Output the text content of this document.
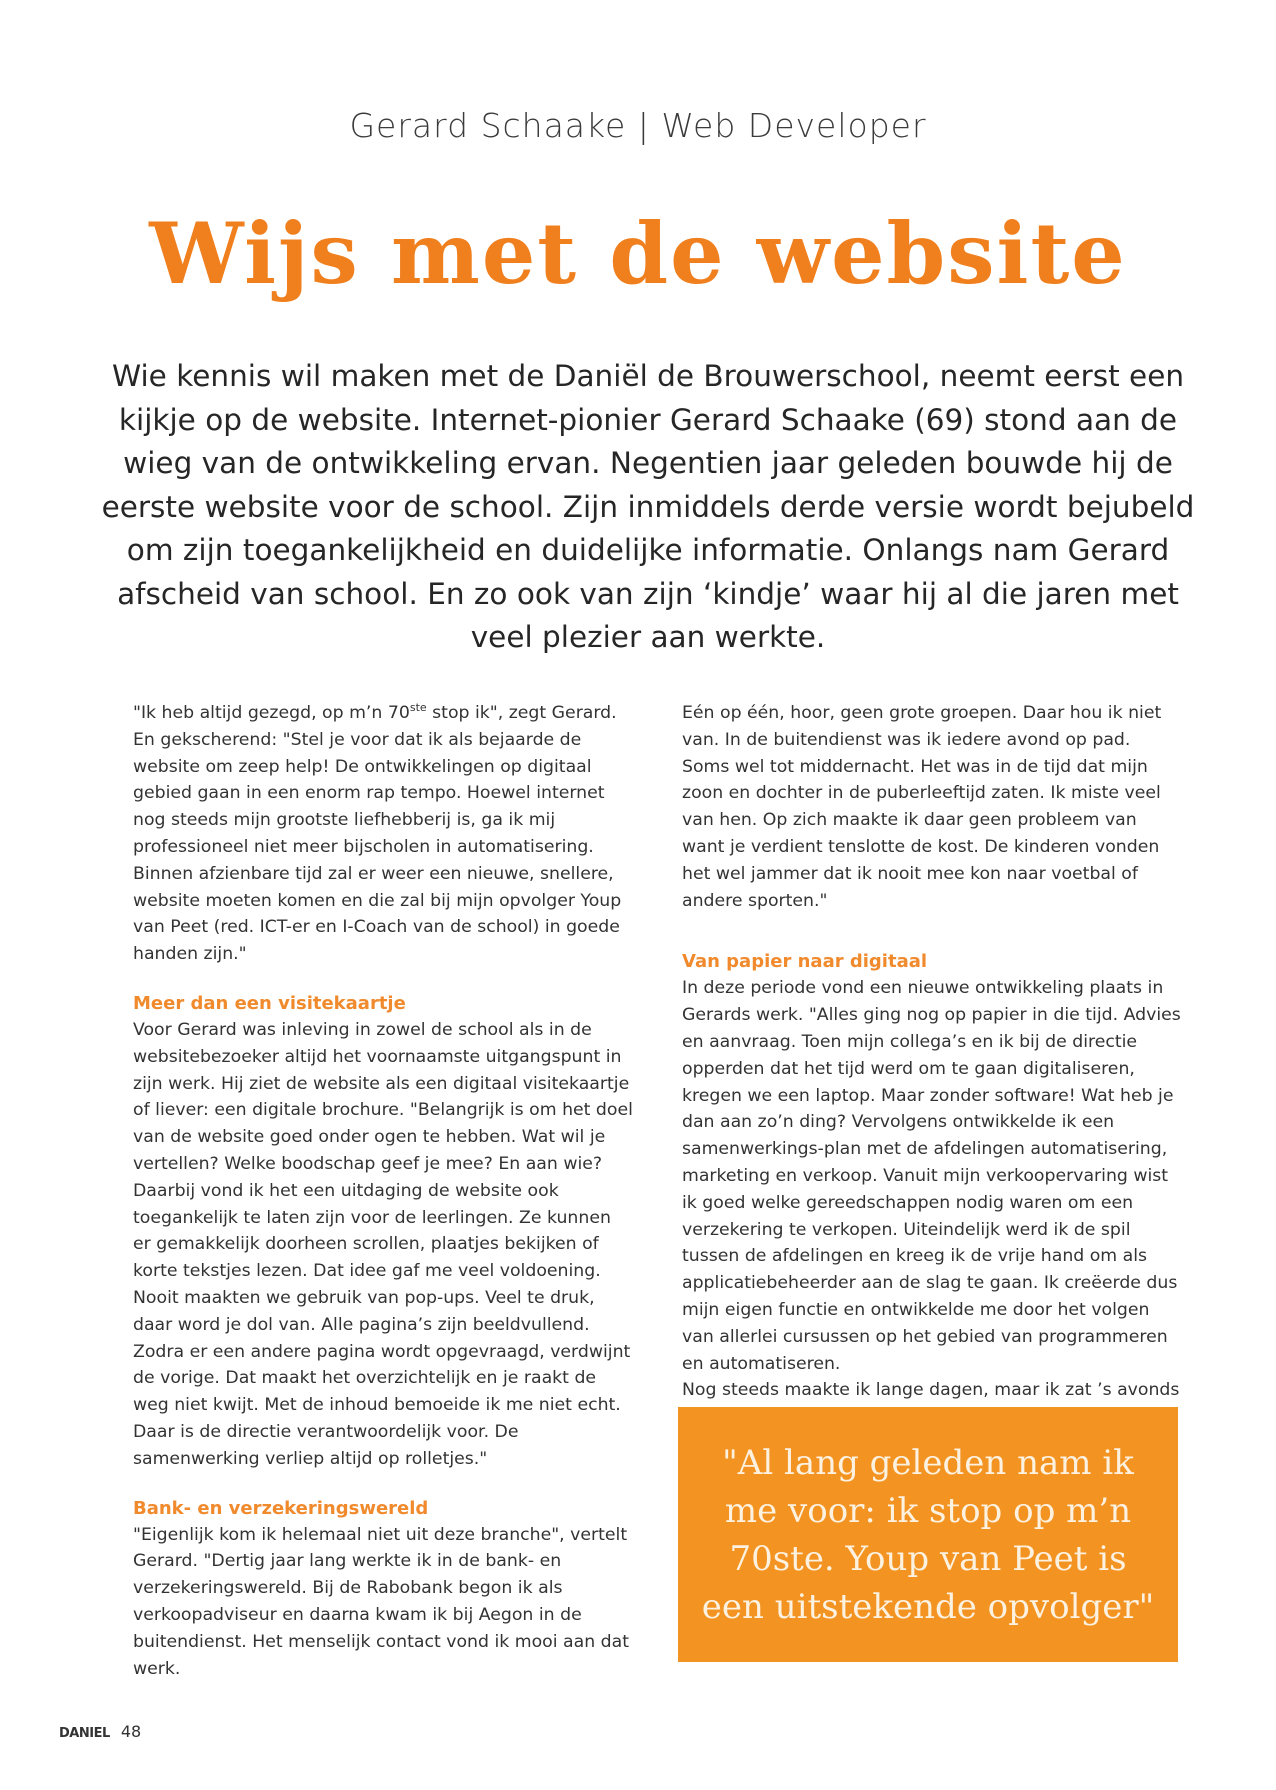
Gerard Schaake | Web Developer
Wijs met de website
Wie kennis wil maken met de Daniël de Brouwerschool, neemt eerst een kijkje op de website. Internet-pionier Gerard Schaake (69) stond aan de wieg van de ontwikkeling ervan. Negentien jaar geleden bouwde hij de eerste website voor de school. Zijn inmiddels derde versie wordt bejubeld om zijn toegankelijkheid en duidelijke informatie. Onlangs nam Gerard afscheid van school. En zo ook van zijn ‘kindje’ waar hij al die jaren met veel plezier aan werkte.

"Ik heb altijd gezegd, op m’n 70ste stop ik", zegt Gerard. En gekscherend: "Stel je voor dat ik als bejaarde de website om zeep help! De ontwikkelingen op digitaal gebied gaan in een enorm rap tempo. Hoewel internet nog steeds mijn grootste liefhebberij is, ga ik mij professioneel niet meer bijscholen in automatisering. Binnen afzienbare tijd zal er weer een nieuwe, snellere, website moeten komen en die zal bij mijn opvolger Youp van Peet (red. ICT-er en I-Coach van de school) in goede handen zijn."

Meer dan een visitekaartje

Voor Gerard was inleving in zowel de school als in de websitebezoeker altijd het voornaamste uitgangspunt in zijn werk. Hij ziet de website als een digitaal visitekaartje of liever: een digitale brochure. "Belangrijk is om het doel van de website goed onder ogen te hebben. Wat wil je vertellen? Welke boodschap geef je mee? En aan wie? Daarbij vond ik het een uitdaging de website ook toegankelijk te laten zijn voor de leerlingen. Ze kunnen er gemakkelijk doorheen scrollen, plaatjes bekijken of korte tekstjes lezen. Dat idee gaf me veel voldoening. Nooit maakten we gebruik van pop-ups. Veel te druk, daar word je dol van. Alle pagina’s zijn beeldvullend. Zodra er een andere pagina wordt opgevraagd, verdwijnt de vorige. Dat maakt het overzichtelijk en je raakt de weg niet kwijt. Met de inhoud bemoeide ik me niet echt. Daar is de directie verantwoordelijk voor. De samenwerking verliep altijd op rolletjes."

Bank- en verzekeringswereld

"Eigenlijk kom ik helemaal niet uit deze branche", vertelt Gerard. "Dertig jaar lang werkte ik in de bank- en verzekeringswereld. Bij de Rabobank begon ik als verkoopadviseur en daarna kwam ik bij Aegon in de buitendienst. Het menselijk contact vond ik mooi aan dat werk.

Eén op één, hoor, geen grote groepen. Daar hou ik niet van. In de buitendienst was ik iedere avond op pad. Soms wel tot middernacht. Het was in de tijd dat mijn zoon en dochter in de puberleeftijd zaten. Ik miste veel van hen. Op zich maakte ik daar geen probleem van want je verdient tenslotte de kost. De kinderen vonden het wel jammer dat ik nooit mee kon naar voetbal of andere sporten."

Van papier naar digitaal

In deze periode vond een nieuwe ontwikkeling plaats in Gerards werk. "Alles ging nog op papier in die tijd. Advies en aanvraag. Toen mijn collega’s en ik bij de directie opperden dat het tijd werd om te gaan digitaliseren, kregen we een laptop. Maar zonder software! Wat heb je dan aan zo’n ding? Vervolgens ontwikkelde ik een samenwerkings-plan met de afdelingen automatisering, marketing en verkoop. Vanuit mijn verkoopervaring wist ik goed welke gereedschappen nodig waren om een verzekering te verkopen. Uiteindelijk werd ik de spil tussen de afdelingen en kreeg ik de vrije hand om als applicatiebeheerder aan de slag te gaan. Ik creëerde dus mijn eigen functie en ontwikkelde me door het volgen van allerlei cursussen op het gebied van programmeren en automatiseren.

Nog steeds maakte ik lange dagen, maar ik zat ’s avonds

"Al lang geleden nam ik me voor: ik stop op m’n 70ste. Youp van Peet is een uitstekende opvolger"
DANIEL 48
